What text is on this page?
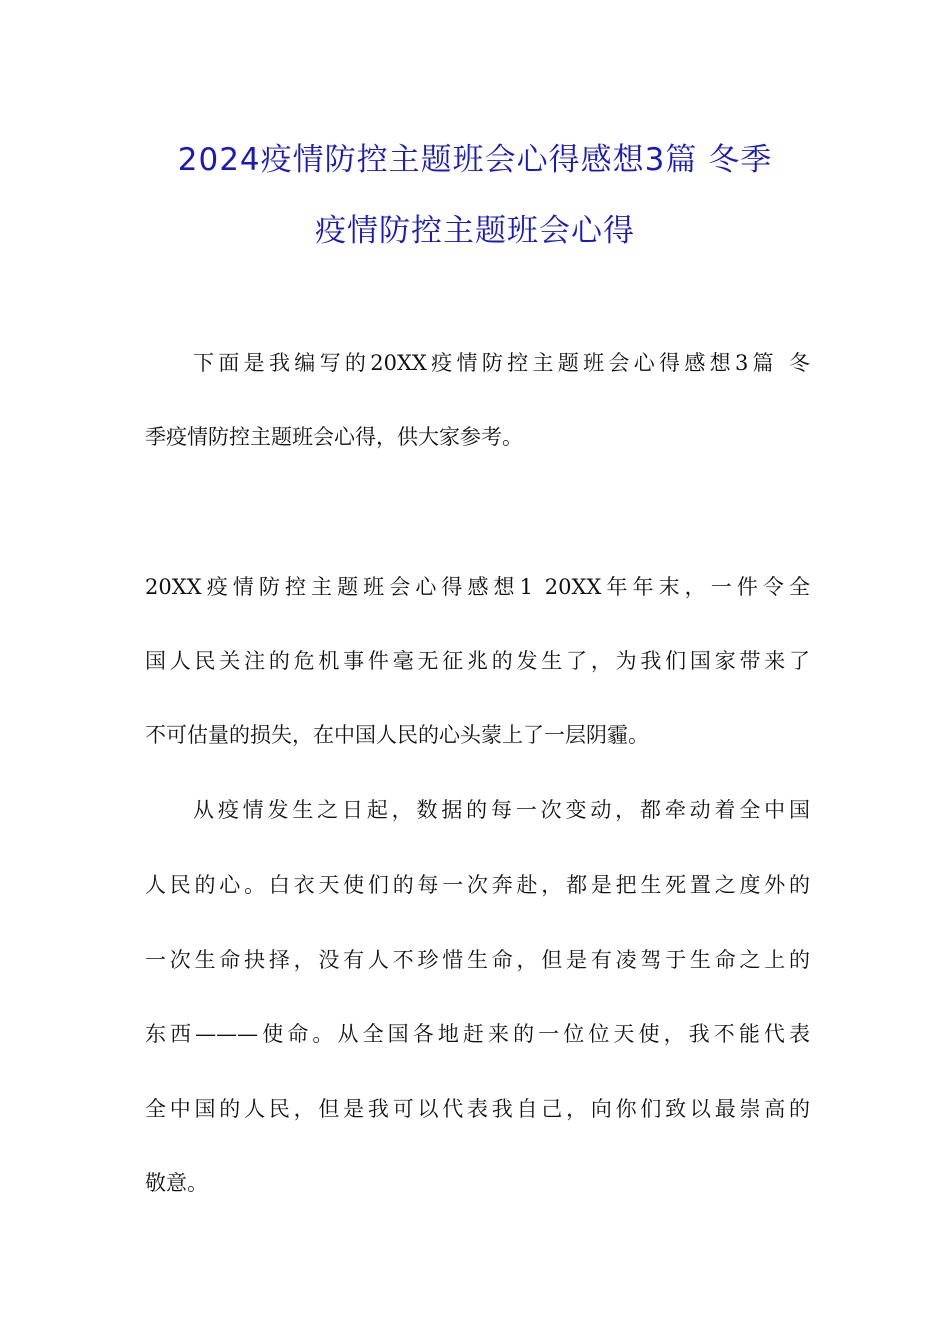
2024疫情防控主题班会心得感想3篇 冬季
疫情防控主题班会心得
下面是我编写的20XX疫情防控主题班会心得感想3篇 冬
季疫情防控主题班会心得，供大家参考。
20XX疫情防控主题班会心得感想1 20XX年年末，一件令全
国人民关注的危机事件毫无征兆的发生了，为我们国家带来了
不可估量的损失，在中国人民的心头蒙上了一层阴霾。
从疫情发生之日起，数据的每一次变动，都牵动着全中国
人民的心。白衣天使们的每一次奔赴，都是把生死置之度外的
一次生命抉择，没有人不珍惜生命，但是有凌驾于生命之上的
东西———使命。从全国各地赶来的一位位天使，我不能代表
全中国的人民，但是我可以代表我自己，向你们致以最崇高的
敬意。
